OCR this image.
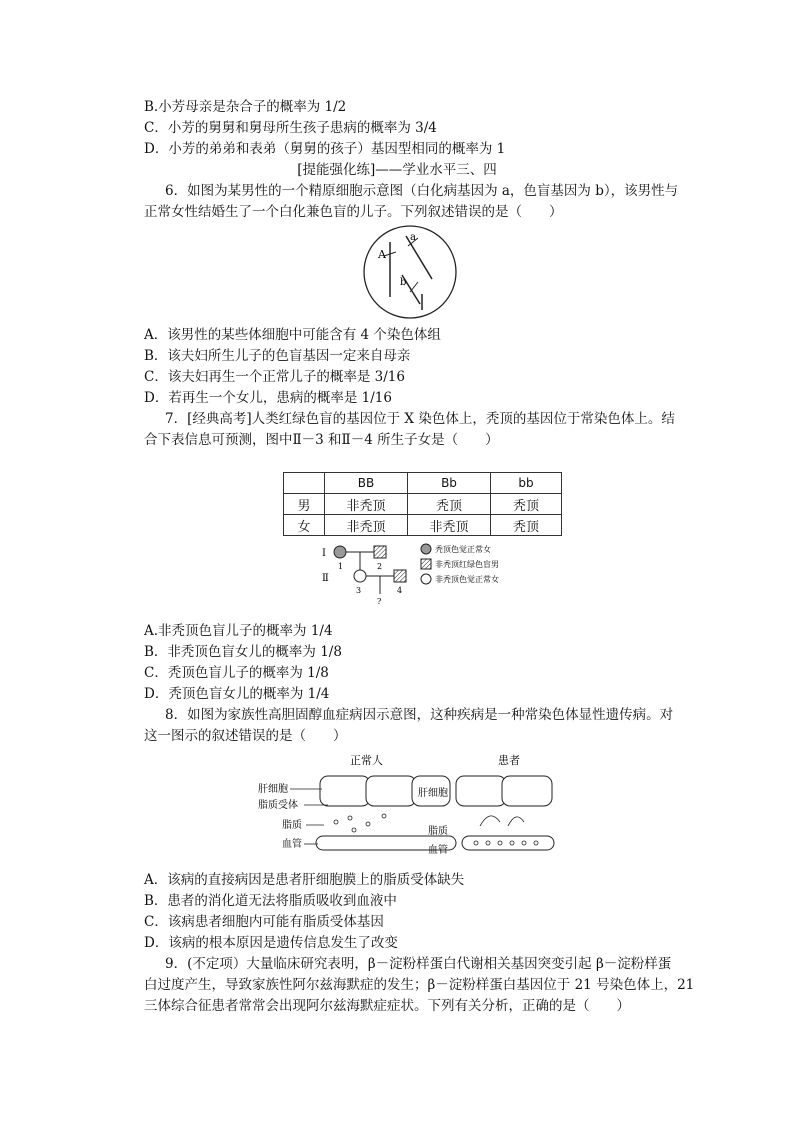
B.小芳母亲是杂合子的概率为 1/2
C．小芳的舅舅和舅母所生孩子患病的概率为 3/4
D．小芳的弟弟和表弟（舅舅的孩子）基因型相同的概率为 1
[提能强化练]——学业水平三、四
6．如图为某男性的一个精原细胞示意图（白化病基因为 a，色盲基因为 b），该男性与
正常女性结婚生了一个白化兼色盲的儿子。下列叙述错误的是（　　）
A
a
b
A．该男性的某些体细胞中可能含有 4 个染色体组
B．该夫妇所生儿子的色盲基因一定来自母亲
C．该夫妇再生一个正常儿子的概率是 3/16
D．若再生一个女儿，患病的概率是 1/16
7．[经典高考]人类红绿色盲的基因位于 X 染色体上，秃顶的基因位于常染色体上。结
合下表信息可预测，图中Ⅱ－3 和Ⅱ－4 所生子女是（　　）
	BB	Bb	bb
男	非秃顶	秃顶	秃顶
女	非秃顶	非秃顶	秃顶
Ⅰ
Ⅱ
1	2
3	4
?
秃顶色觉正常女
非秃顶红绿色盲男
非秃顶色觉正常女
A.非秃顶色盲儿子的概率为 1/4
B．非秃顶色盲女儿的概率为 1/8
C．秃顶色盲儿子的概率为 1/8
D．秃顶色盲女儿的概率为 1/4
8．如图为家族性高胆固醇血症病因示意图，这种疾病是一种常染色体显性遗传病。对
这一图示的叙述错误的是（　　）
正常人	患者
肝细胞
脂质受体
脂质
血管
肝细胞
脂质
血管
A．该病的直接病因是患者肝细胞膜上的脂质受体缺失
B．患者的消化道无法将脂质吸收到血液中
C．该病患者细胞内可能有脂质受体基因
D．该病的根本原因是遗传信息发生了改变
9．(不定项）大量临床研究表明，β－淀粉样蛋白代谢相关基因突变引起 β－淀粉样蛋
白过度产生，导致家族性阿尔兹海默症的发生；β－淀粉样蛋白基因位于 21 号染色体上，21
三体综合征患者常常会出现阿尔兹海默症症状。下列有关分析，正确的是（　　）
